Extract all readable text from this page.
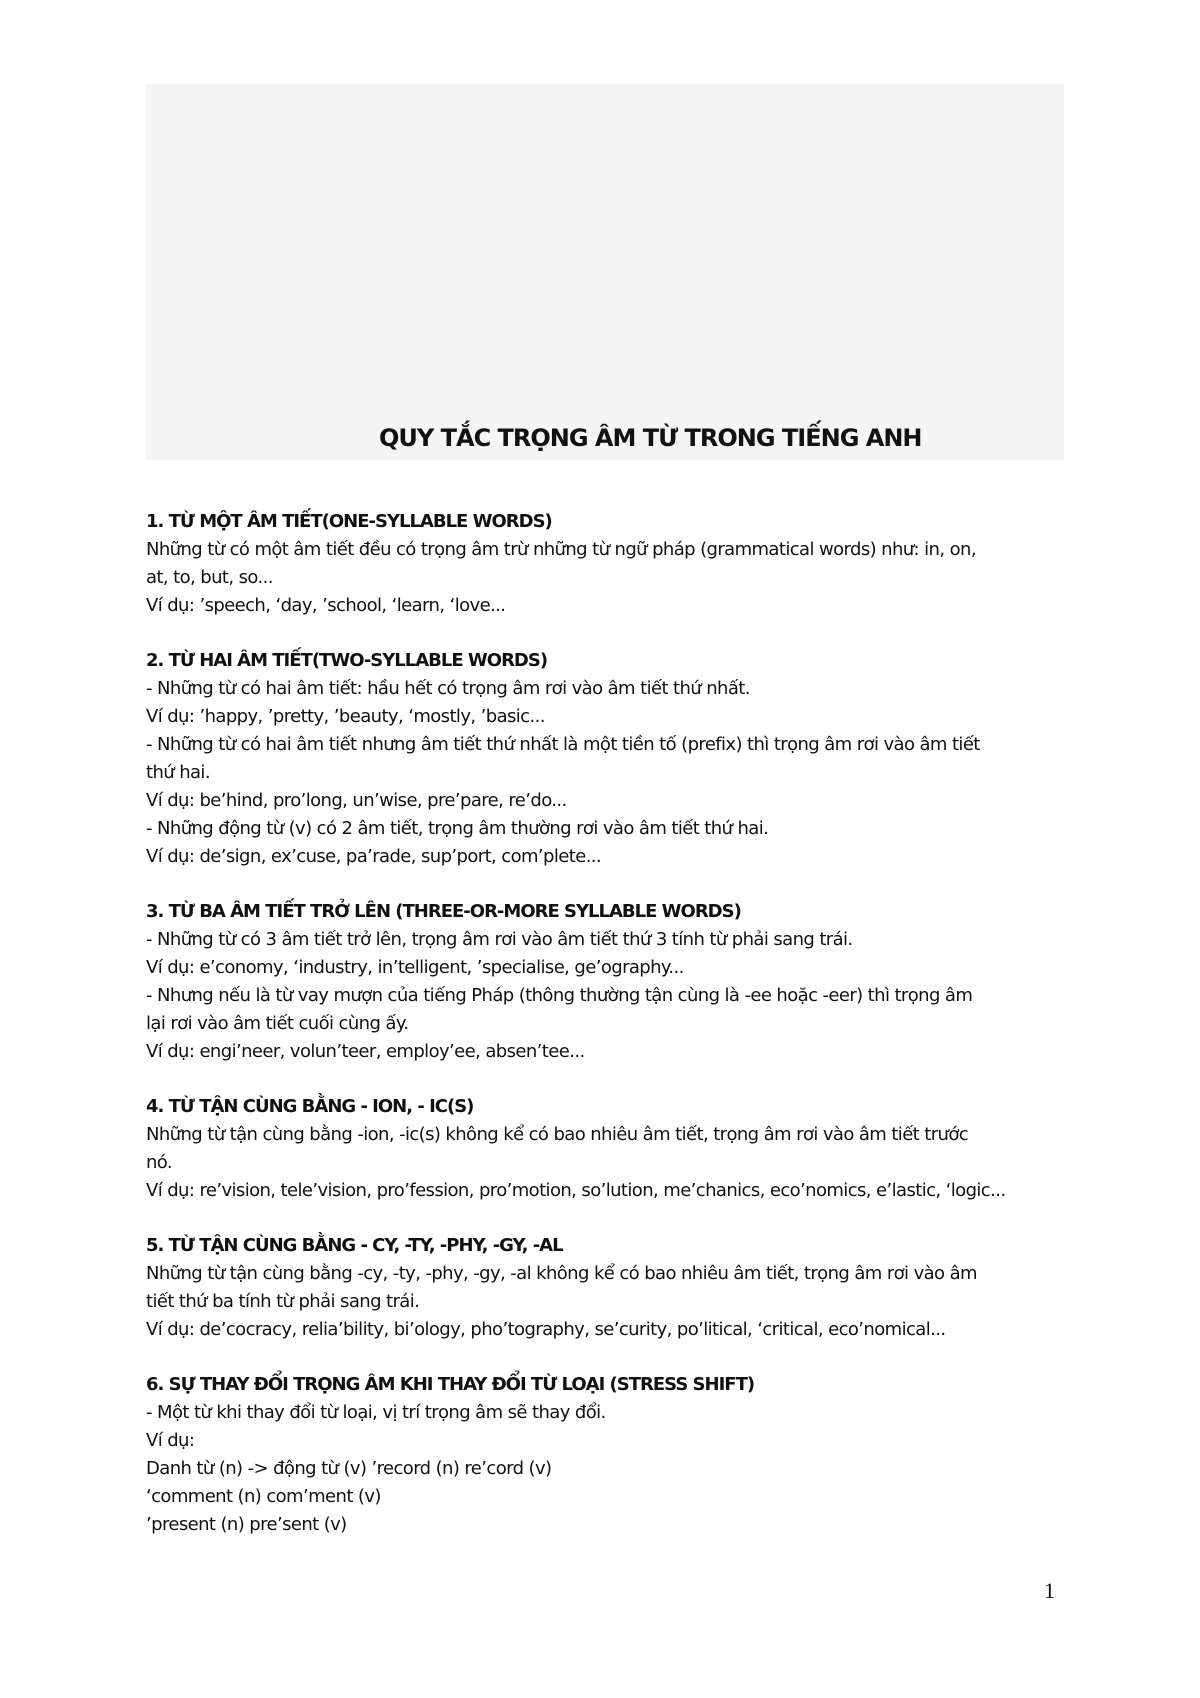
QUY TẮC TRỌNG ÂM TỪ TRONG TIẾNG ANH

1. TỪ MỘT ÂM TIẾT(ONE-SYLLABLE WORDS)

Những từ có một âm tiết đều có trọng âm trừ những từ ngữ pháp (grammatical words) như: in, on,

at, to, but, so...

Ví dụ: ’speech, ‘day, ’school, ‘learn, ‘love...

2. TỪ HAI ÂM TIẾT(TWO-SYLLABLE WORDS)

- Những từ có hai âm tiết: hầu hết có trọng âm rơi vào âm tiết thứ nhất.

Ví dụ: ’happy, ’pretty, ’beauty, ‘mostly, ’basic...

- Những từ có hai âm tiết nhưng âm tiết thứ nhất là một tiền tố (prefix) thì trọng âm rơi vào âm tiết

thứ hai.

Ví dụ: be’hind, pro’long, un’wise, pre’pare, re’do...

- Những động từ (v) có 2 âm tiết, trọng âm thường rơi vào âm tiết thứ hai.

Ví dụ: de’sign, ex’cuse, pa’rade, sup’port, com’plete...

3. TỪ BA ÂM TIẾT TRỞ LÊN (THREE-OR-MORE SYLLABLE WORDS)

- Những từ có 3 âm tiết trở lên, trọng âm rơi vào âm tiết thứ 3 tính từ phải sang trái.

Ví dụ: e’conomy, ‘industry, in’telligent, ’specialise, ge’ography...

- Nhưng nếu là từ vay mượn của tiếng Pháp (thông thường tận cùng là -ee hoặc -eer) thì trọng âm

lại rơi vào âm tiết cuối cùng ấy.

Ví dụ: engi’neer, volun’teer, employ’ee, absen’tee...

4. TỪ TẬN CÙNG BẰNG - ION, - IC(S)

Những từ tận cùng bằng -ion, -ic(s) không kể có bao nhiêu âm tiết, trọng âm rơi vào âm tiết trước

nó.

Ví dụ: re’vision, tele’vision, pro’fession, pro’motion, so’lution, me’chanics, eco’nomics, e’lastic, ‘logic...

5. TỪ TẬN CÙNG BẰNG - CY, -TY, -PHY, -GY, -AL

Những từ tận cùng bằng -cy, -ty, -phy, -gy, -al không kể có bao nhiêu âm tiết, trọng âm rơi vào âm

tiết thứ ba tính từ phải sang trái.

Ví dụ: de’cocracy, relia’bility, bi’ology, pho’tography, se’curity, po’litical, ‘critical, eco’nomical...

6. SỰ THAY ĐỔI TRỌNG ÂM KHI THAY ĐỔI TỪ LOẠI (STRESS SHIFT)

- Một từ khi thay đổi từ loại, vị trí trọng âm sẽ thay đổi.

Ví dụ:

Danh từ (n) -> động từ (v) ’record (n) re’cord (v)

‘comment (n) com’ment (v)

’present (n) pre’sent (v)

1
